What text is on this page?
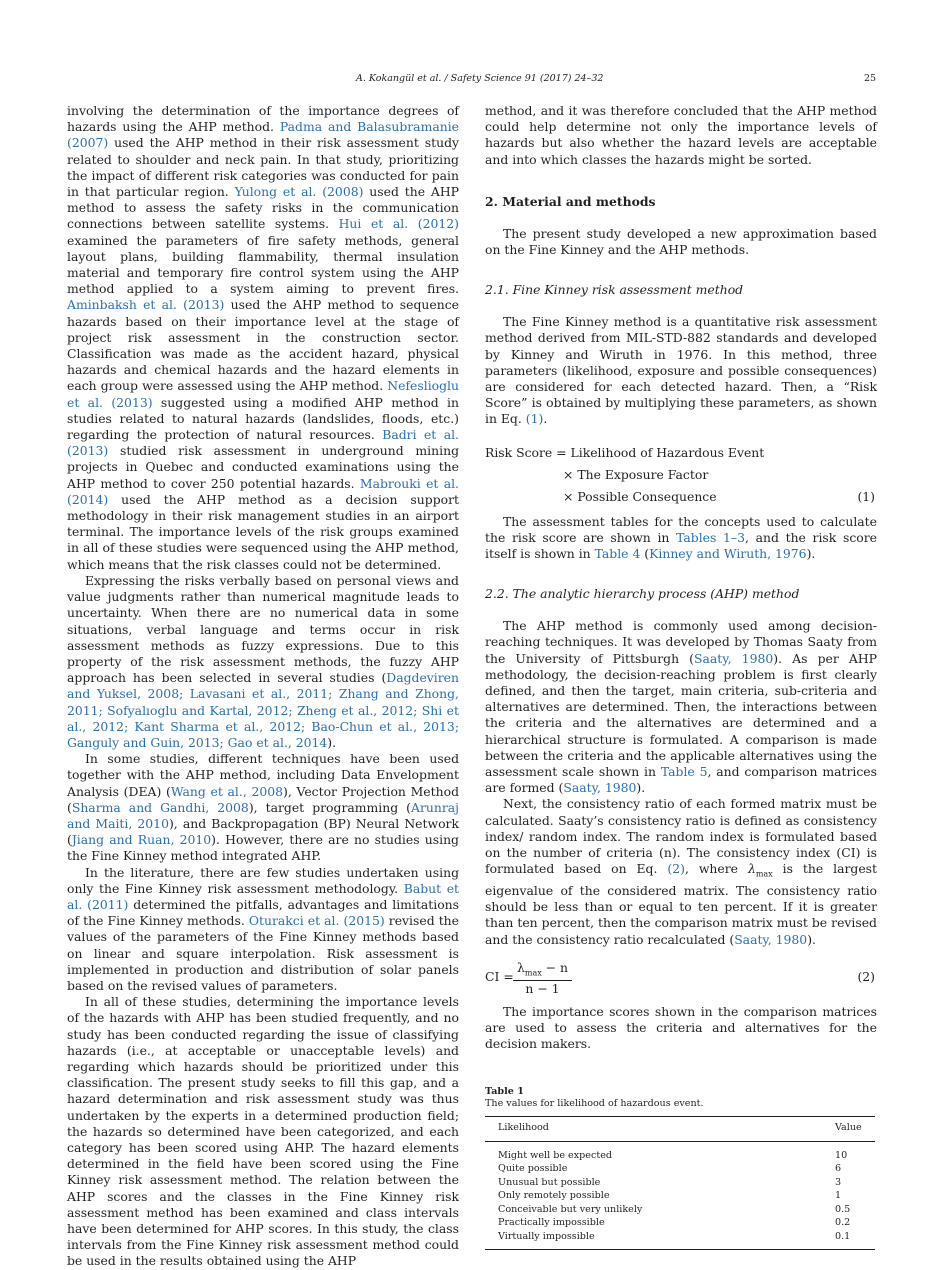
A. Kokangül et al. / Safety Science 91 (2017) 24–32	25

involving the determination of the importance degrees of hazards using the AHP method. Padma and Balasubramanie (2007) used the AHP method in their risk assessment study related to shoulder and neck pain. In that study, prioritizing the impact of different risk categories was conducted for pain in that particular region. Yulong et al. (2008) used the AHP method to assess the safety risks in the communication connections between satellite systems. Hui et al. (2012) examined the parameters of fire safety methods, general layout plans, building flammability, thermal insulation material and temporary fire control system using the AHP method applied to a system aiming to prevent fires. Aminbaksh et al. (2013) used the AHP method to sequence hazards based on their importance level at the stage of project risk assessment in the construction sector. Classification was made as the accident hazard, physical hazards and chemical hazards and the hazard elements in each group were assessed using the AHP method. Nefeslioglu et al. (2013) suggested using a modified AHP method in studies related to natural hazards (landslides, floods, etc.) regarding the protection of natural resources. Badri et al. (2013) studied risk assessment in underground mining projects in Quebec and conducted examinations using the AHP method to cover 250 potential hazards. Mabrouki et al. (2014) used the AHP method as a decision support methodology in their risk management studies in an airport terminal. The importance levels of the risk groups examined in all of these studies were sequenced using the AHP method, which means that the risk classes could not be determined.

Expressing the risks verbally based on personal views and value judgments rather than numerical magnitude leads to uncertainty. When there are no numerical data in some situations, verbal language and terms occur in risk assessment methods as fuzzy expressions. Due to this property of the risk assessment methods, the fuzzy AHP approach has been selected in several studies (Dagdeviren and Yuksel, 2008; Lavasani et al., 2011; Zhang and Zhong, 2011; Sofyalıoglu and Kartal, 2012; Zheng et al., 2012; Shi et al., 2012; Kant Sharma et al., 2012; Bao-Chun et al., 2013; Ganguly and Guin, 2013; Gao et al., 2014).

In some studies, different techniques have been used together with the AHP method, including Data Envelopment Analysis (DEA) (Wang et al., 2008), Vector Projection Method (Sharma and Gandhi, 2008), target programming (Arunraj and Maiti, 2010), and Backpropagation (BP) Neural Network (Jiang and Ruan, 2010). However, there are no studies using the Fine Kinney method integrated AHP.

In the literature, there are few studies undertaken using only the Fine Kinney risk assessment methodology. Babut et al. (2011) determined the pitfalls, advantages and limitations of the Fine Kinney methods. Oturakci et al. (2015) revised the values of the parameters of the Fine Kinney methods based on linear and square interpolation. Risk assessment is implemented in production and distribution of solar panels based on the revised values of parameters.

In all of these studies, determining the importance levels of the hazards with AHP has been studied frequently, and no study has been conducted regarding the issue of classifying hazards (i.e., at acceptable or unacceptable levels) and regarding which hazards should be prioritized under this classification. The present study seeks to fill this gap, and a hazard determination and risk assessment study was thus undertaken by the experts in a determined production field; the hazards so determined have been categorized, and each category has been scored using AHP. The hazard elements determined in the field have been scored using the Fine Kinney risk assessment method. The relation between the AHP scores and the classes in the Fine Kinney risk assessment method has been examined and class intervals have been determined for AHP scores. In this study, the class intervals from the Fine Kinney risk assessment method could be used in the results obtained using the AHP

method, and it was therefore concluded that the AHP method could help determine not only the importance levels of hazards but also whether the hazard levels are acceptable and into which classes the hazards might be sorted.

2. Material and methods

The present study developed a new approximation based on the Fine Kinney and the AHP methods.

2.1. Fine Kinney risk assessment method

The Fine Kinney method is a quantitative risk assessment method derived from MIL-STD-882 standards and developed by Kinney and Wiruth in 1976. In this method, three parameters (likelihood, exposure and possible consequences) are considered for each detected hazard. Then, a “Risk Score” is obtained by multiplying these parameters, as shown in Eq. (1).

Risk Score = Likelihood of Hazardous Event
× The Exposure Factor
× Possible Consequence	(1)

The assessment tables for the concepts used to calculate the risk score are shown in Tables 1–3, and the risk score itself is shown in Table 4 (Kinney and Wiruth, 1976).

2.2. The analytic hierarchy process (AHP) method

The AHP method is commonly used among decision-reaching techniques. It was developed by Thomas Saaty from the University of Pittsburgh (Saaty, 1980). As per AHP methodology, the decision-reaching problem is first clearly defined, and then the target, main criteria, sub-criteria and alternatives are determined. Then, the interactions between the criteria and the alternatives are determined and a hierarchical structure is formulated. A comparison is made between the criteria and the applicable alternatives using the assessment scale shown in Table 5, and comparison matrices are formed (Saaty, 1980).

Next, the consistency ratio of each formed matrix must be calculated. Saaty’s consistency ratio is defined as consistency index/ random index. The random index is formulated based on the number of criteria (n). The consistency index (CI) is formulated based on Eq. (2), where $\lambda_{max}$ is the largest eigenvalue of the considered matrix. The consistency ratio should be less than or equal to ten percent. If it is greater than ten percent, then the comparison matrix must be revised and the consistency ratio recalculated (Saaty, 1980).

CI =
$\lambda_{max} - n$
n − 1
(2)

The importance scores shown in the comparison matrices are used to assess the criteria and alternatives for the decision makers.

Table 1
The values for likelihood of hazardous event.
Likelihood	Value
Might well be expected	10
Quite possible	6
Unusual but possible	3
Only remotely possible	1
Conceivable but very unlikely	0.5
Practically impossible	0.2
Virtually impossible	0.1
